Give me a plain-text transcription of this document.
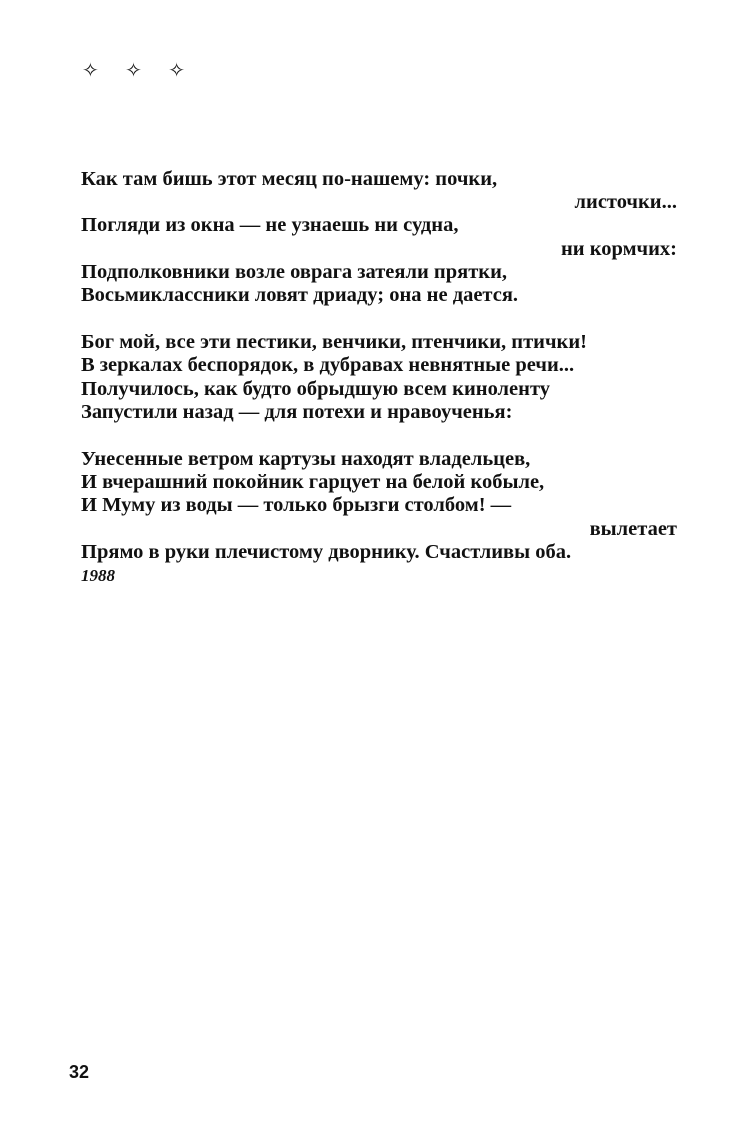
✧ ✧ ✧
Как там бишь этот месяц по-нашему: почки,
листочки...
Погляди из окна — не узнаешь ни судна,
ни кормчих:
Подполковники возле оврага затеяли прятки,
Восьмиклассники ловят дриаду; она не дается.
Бог мой, все эти пестики, венчики, птенчики, птички!
В зеркалах беспорядок, в дубравах невнятные речи...
Получилось, как будто обрыдшую всем киноленту
Запустили назад — для потехи и нравоученья:
Унесенные ветром картузы находят владельцев,
И вчерашний покойник гарцует на белой кобыле,
И Муму из воды — только брызги столбом! —
вылетает
Прямо в руки плечистому дворнику. Счастливы оба.
1988
32
